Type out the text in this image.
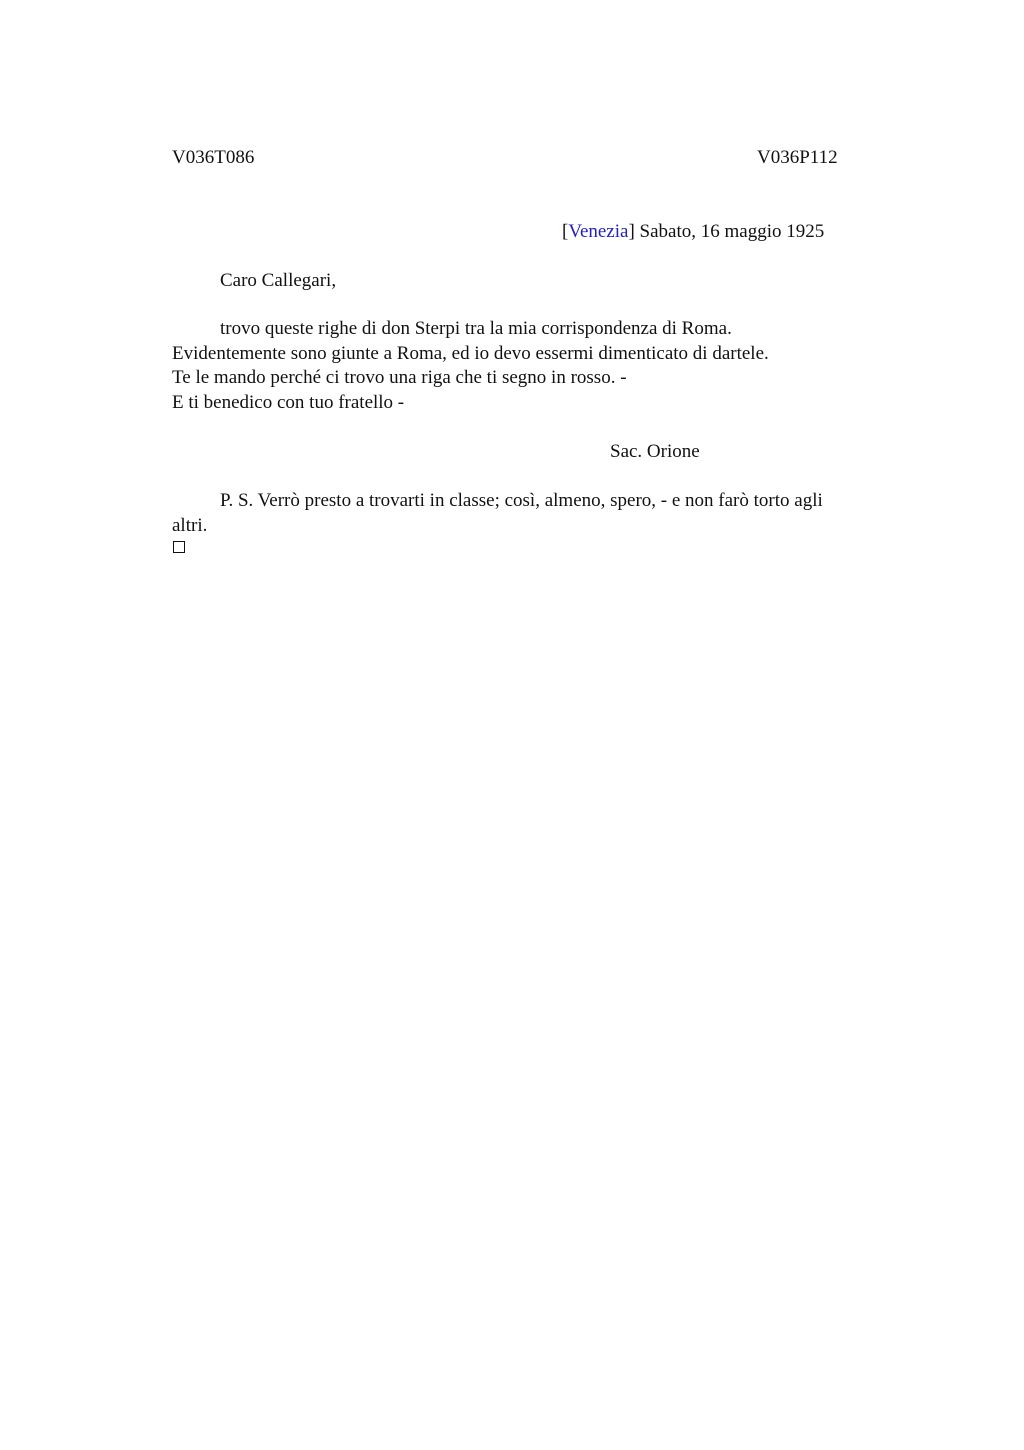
V036T086	V036P112
[Venezia] Sabato, 16 maggio 1925
Caro Callegari,
trovo queste righe di don Sterpi tra la mia corrispondenza di Roma.
Evidentemente sono giunte a Roma, ed io devo essermi dimenticato di dartele.
Te le mando perché ci trovo una riga che ti segno in rosso. -
E ti benedico con tuo fratello -
Sac. Orione
P. S. Verrò presto a trovarti in classe; così, almeno, spero, - e non farò torto agli
altri.
